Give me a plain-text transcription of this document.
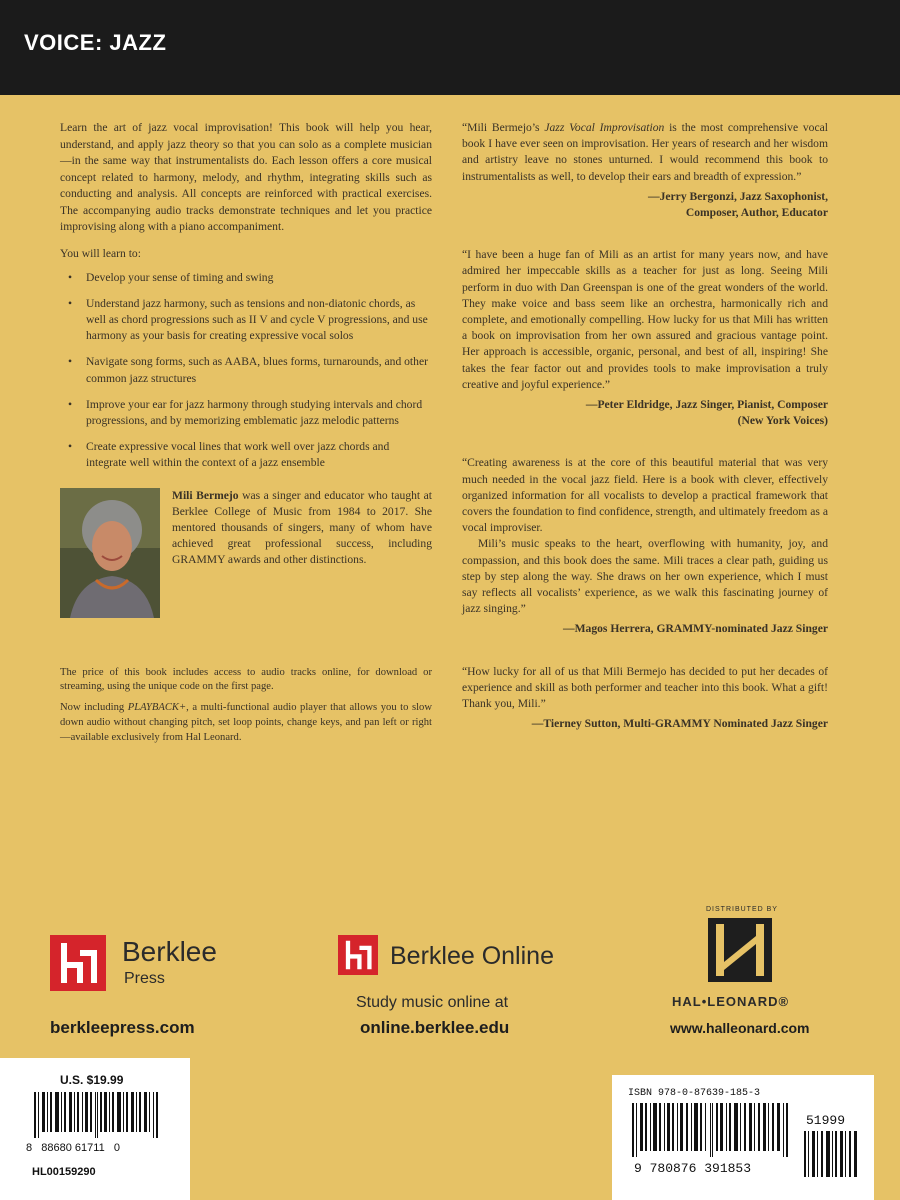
VOICE: JAZZ

Learn the art of jazz vocal improvisation! This book will help you hear, understand, and apply jazz theory so that you can solo as a complete musician—in the same way that instrumentalists do. Each lesson offers a core musical concept related to harmony, melody, and rhythm, integrating skills such as conducting and analysis. All concepts are reinforced with practical exercises. The accompanying audio tracks demonstrate techniques and let you practice improvising along with a piano accompaniment.

You will learn to:

• Develop your sense of timing and swing
• Understand jazz harmony, such as tensions and non-diatonic chords, as well as chord progressions such as II V and cycle V progressions, and use harmony as your basis for creating expressive vocal solos
• Navigate song forms, such as AABA, blues forms, turnarounds, and other common jazz structures
• Improve your ear for jazz harmony through studying intervals and chord progressions, and by memorizing emblematic jazz melodic patterns
• Create expressive vocal lines that work well over jazz chords and integrate well within the context of a jazz ensemble

Mili Bermejo was a singer and educator who taught at Berklee College of Music from 1984 to 2017. She mentored thousands of singers, many of whom have achieved great professional success, including GRAMMY awards and other distinctions.

The price of this book includes access to audio tracks online, for download or streaming, using the unique code on the first page.

Now including PLAYBACK+, a multi-functional audio player that allows you to slow down audio without changing pitch, set loop points, change keys, and pan left or right—available exclusively from Hal Leonard.

“Mili Bermejo’s Jazz Vocal Improvisation is the most comprehensive vocal book I have ever seen on improvisation. Her years of research and her wisdom and artistry leave no stones unturned. I would recommend this book to instrumentalists as well, to develop their ears and breadth of expression.”

—Jerry Bergonzi, Jazz Saxophonist,
Composer, Author, Educator

“I have been a huge fan of Mili as an artist for many years now, and have admired her impeccable skills as a teacher for just as long. Seeing Mili perform in duo with Dan Greenspan is one of the great wonders of the world. They make voice and bass seem like an orchestra, harmonically rich and complete, and emotionally compelling. How lucky for us that Mili has written a book on improvisation from her own assured and gracious vantage point. Her approach is accessible, organic, personal, and best of all, inspiring! She takes the fear factor out and provides tools to make improvisation a truly creative and joyful experience.”

—Peter Eldridge, Jazz Singer, Pianist, Composer
(New York Voices)

“Creating awareness is at the core of this beautiful material that was very much needed in the vocal jazz field. Here is a book with clever, effectively organized information for all vocalists to develop a practical framework that covers the foundation to find confidence, strength, and ultimately freedom as a vocal improviser.

Mili’s music speaks to the heart, overflowing with humanity, joy, and compassion, and this book does the same. Mili traces a clear path, guiding us step by step along the way. She draws on her own experience, which I must say reflects all vocalists’ experience, as we walk this fascinating journey of jazz singing.”

—Magos Herrera, GRAMMY-nominated Jazz Singer

“How lucky for all of us that Mili Bermejo has decided to put her decades of experience and skill as both performer and teacher into this book. What a gift! Thank you, Mili.”

—Tierney Sutton, Multi-GRAMMY Nominated Jazz Singer
Berklee
Press
berkleepress.com
Berklee Online
Study music online at
online.berklee.edu
DISTRIBUTED BY
HAL•LEONARD®
www.halleonard.com
U.S. $19.99
8   88680 61711   0
HL00159290
ISBN 978-0-87639-185-3
9 780876 391853
51999
